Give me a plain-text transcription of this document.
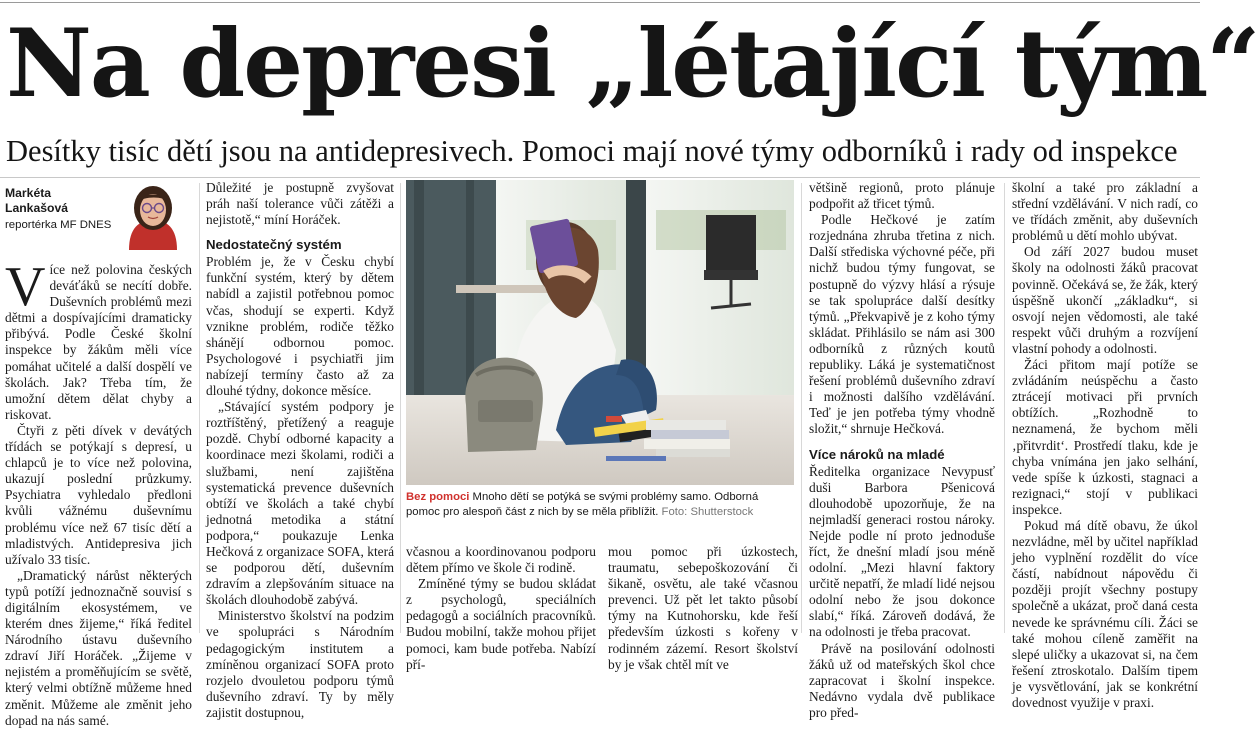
Na depresi „létající tým“
Desítky tisíc dětí jsou na antidepresivech. Pomoci mají nové týmy odborníků i rady od inspekce
Markéta
Lankašová
reportérka MF DNES

Více než polovina českých deváťáků se necítí dobře. Duševních problémů mezi dětmi a dospívajícími dramaticky přibývá. Podle České školní inspekce by žákům měli více pomáhat učitelé a další dospělí ve školách. Jak? Třeba tím, že umožní dětem dělat chyby a riskovat.

Čtyři z pěti dívek v devátých třídách se potýkají s depresí, u chlapců je to více než polovina, ukazují poslední průzkumy. Psychiatra vyhledalo předloni kvůli vážnému duševnímu problému více než 67 tisíc dětí a mladistvých. Antidepresiva jich užívalo 33 tisíc.

„Dramatický nárůst některých typů potíží jednoznačně souvisí s digitálním ekosystémem, ve kterém dnes žijeme,“ říká ředitel Národního ústavu duševního zdraví Jiří Horáček. „Žijeme v nejistém a proměňujícím se světě, který velmi obtížně můžeme hned změnit. Můžeme ale změnit jeho dopad na nás samé.

Důležité je postupně zvyšovat práh naší tolerance vůči zátěži a nejistotě,“ míní Horáček.

Nedostatečný systém

Problém je, že v Česku chybí funkční systém, který by dětem nabídl a zajistil potřebnou pomoc včas, shodují se experti. Když vznikne problém, rodiče těžko shánějí odbornou pomoc. Psychologové i psychiatři jim nabízejí termíny často až za dlouhé týdny, dokonce měsíce.

„Stávající systém podpory je roztříštěný, přetížený a reaguje pozdě. Chybí odborné kapacity a koordinace mezi školami, rodiči a službami, není zajištěna systematická prevence duševních obtíží ve školách a také chybí jednotná metodika a státní podpora,“ poukazuje Lenka Hečková z organizace SOFA, která se podporou dětí, duševním zdravím a zlepšováním situace na školách dlouhodobě zabývá.

Ministerstvo školství na podzim ve spolupráci s Národním pedagogickým institutem a zmíněnou organizací SOFA proto rozjelo dvouletou podporu týmů duševního zdraví. Ty by měly zajistit dostupnou,

Bez pomoci Mnoho dětí se potýká se svými problémy samo. Odborná pomoc pro alespoň část z nich by se měla přiblížit. Foto: Shutterstock

včasnou a koordinovanou podporu dětem přímo ve škole či rodině.

Zmíněné týmy se budou skládat z psychologů, speciálních pedagogů a sociálních pracovníků. Budou mobilní, takže mohou přijet pomoci, kam bude potřeba. Nabízí pří-

mou pomoc při úzkostech, traumatu, sebepoškozování či šikaně, osvětu, ale také včasnou prevenci. Už pět let takto působí týmy na Kutnohorsku, kde řeší především úzkosti s kořeny v rodinném zázemí. Resort školství by je však chtěl mít ve

většině regionů, proto plánuje podpořit až třicet týmů.

Podle Hečkové je zatím rozjednána zhruba třetina z nich. Další střediska výchovné péče, při nichž budou týmy fungovat, se postupně do výzvy hlásí a rýsuje se tak spolupráce další desítky týmů. „Překvapivě je z koho týmy skládat. Přihlásilo se nám asi 300 odborníků z různých koutů republiky. Láká je systematičnost řešení problémů duševního zdraví i možnosti dalšího vzdělávání. Teď je jen potřeba týmy vhodně složit,“ shrnuje Hečková.

Více nároků na mladé

Ředitelka organizace Nevypusť duši Barbora Pšenicová dlouhodobě upozorňuje, že na nejmladší generaci rostou nároky. Nejde podle ní proto jednoduše říct, že dnešní mladí jsou méně odolní. „Mezi hlavní faktory určitě nepatří, že mladí lidé nejsou odolní nebo že jsou dokonce slabí,“ říká. Zároveň dodává, že na odolnosti je třeba pracovat.

Právě na posilování odolnosti žáků už od mateřských škol chce zapracovat i školní inspekce. Nedávno vydala dvě publikace pro před-

školní a také pro základní a střední vzdělávání. V nich radí, co ve třídách změnit, aby duševních problémů u dětí mohlo ubývat.

Od září 2027 budou muset školy na odolnosti žáků pracovat povinně. Očekává se, že žák, který úspěšně ukončí „základku“, si osvojí nejen vědomosti, ale také respekt vůči druhým a rozvíjení vlastní pohody a odolnosti.

Žáci přitom mají potíže se zvládáním neúspěchu a často ztrácejí motivaci při prvních obtížích. „Rozhodně to neznamená, že bychom měli ‚přitvrdit‘. Prostředí tlaku, kde je chyba vnímána jen jako selhání, vede spíše k úzkosti, stagnaci a rezignaci,“ stojí v publikaci inspekce.

Pokud má dítě obavu, že úkol nezvládne, měl by učitel například jeho vyplnění rozdělit do více částí, nabídnout nápovědu či později projít všechny postupy společně a ukázat, proč daná cesta nevede ke správnému cíli. Žáci se také mohou cíleně zaměřit na slepé uličky a ukazovat si, na čem řešení ztroskotalo. Dalším tipem je vysvětlování, jak se konkrétní dovednost využije v praxi.
